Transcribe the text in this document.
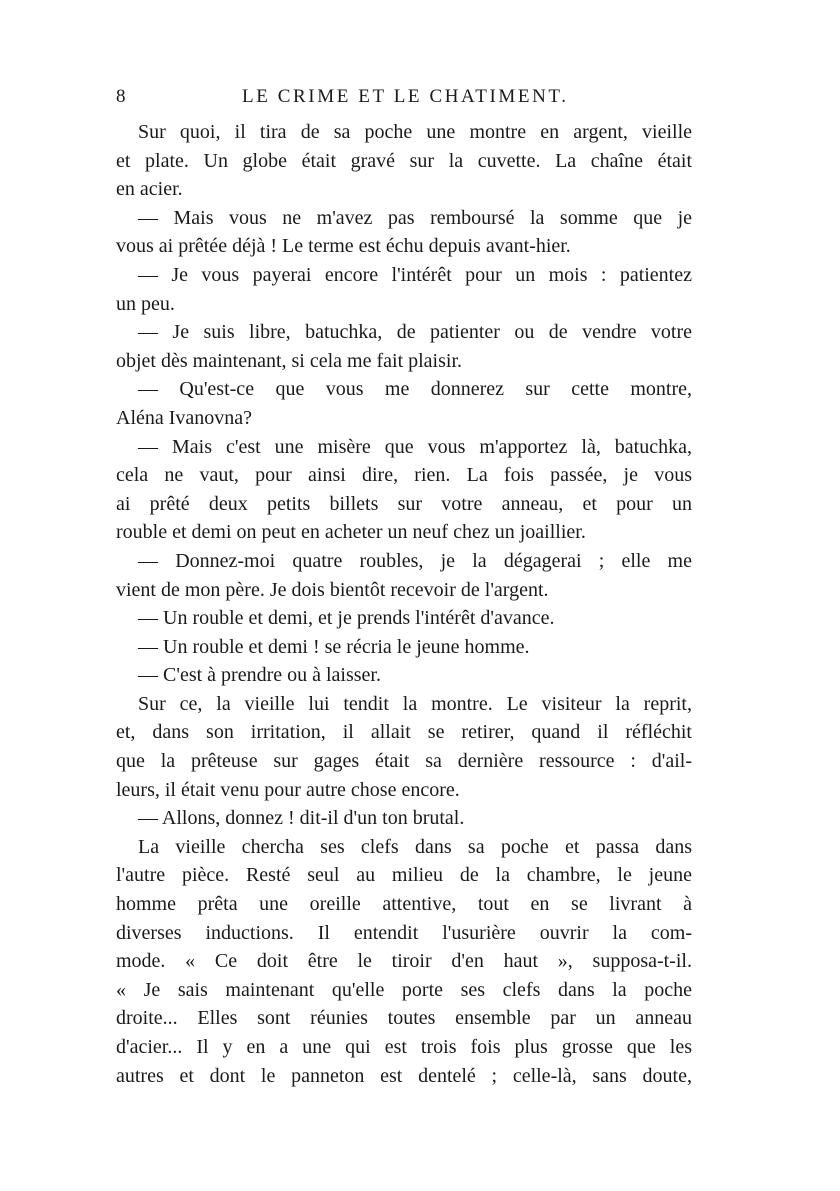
8	LE CRIME ET LE CHATIMENT.
Sur quoi, il tira de sa poche une montre en argent, vieille
et plate. Un globe était gravé sur la cuvette. La chaîne était
en acier.
— Mais vous ne m'avez pas remboursé la somme que je
vous ai prêtée déjà ! Le terme est échu depuis avant-hier.
— Je vous payerai encore l'intérêt pour un mois : patientez
un peu.
— Je suis libre, batuchka, de patienter ou de vendre votre
objet dès maintenant, si cela me fait plaisir.
— Qu'est-ce que vous me donnerez sur cette montre,
Aléna Ivanovna?
— Mais c'est une misère que vous m'apportez là, batuchka,
cela ne vaut, pour ainsi dire, rien. La fois passée, je vous
ai prêté deux petits billets sur votre anneau, et pour un
rouble et demi on peut en acheter un neuf chez un joaillier.
— Donnez-moi quatre roubles, je la dégagerai ; elle me
vient de mon père. Je dois bientôt recevoir de l'argent.
— Un rouble et demi, et je prends l'intérêt d'avance.
— Un rouble et demi ! se récria le jeune homme.
— C'est à prendre ou à laisser.
Sur ce, la vieille lui tendit la montre. Le visiteur la reprit,
et, dans son irritation, il allait se retirer, quand il réfléchit
que la prêteuse sur gages était sa dernière ressource : d'ail-
leurs, il était venu pour autre chose encore.
— Allons, donnez ! dit-il d'un ton brutal.
La vieille chercha ses clefs dans sa poche et passa dans
l'autre pièce. Resté seul au milieu de la chambre, le jeune
homme prêta une oreille attentive, tout en se livrant à
diverses inductions. Il entendit l'usurière ouvrir la com-
mode. « Ce doit être le tiroir d'en haut », supposa-t-il.
« Je sais maintenant qu'elle porte ses clefs dans la poche
droite... Elles sont réunies toutes ensemble par un anneau
d'acier... Il y en a une qui est trois fois plus grosse que les
autres et dont le panneton est dentelé ; celle-là, sans doute,
